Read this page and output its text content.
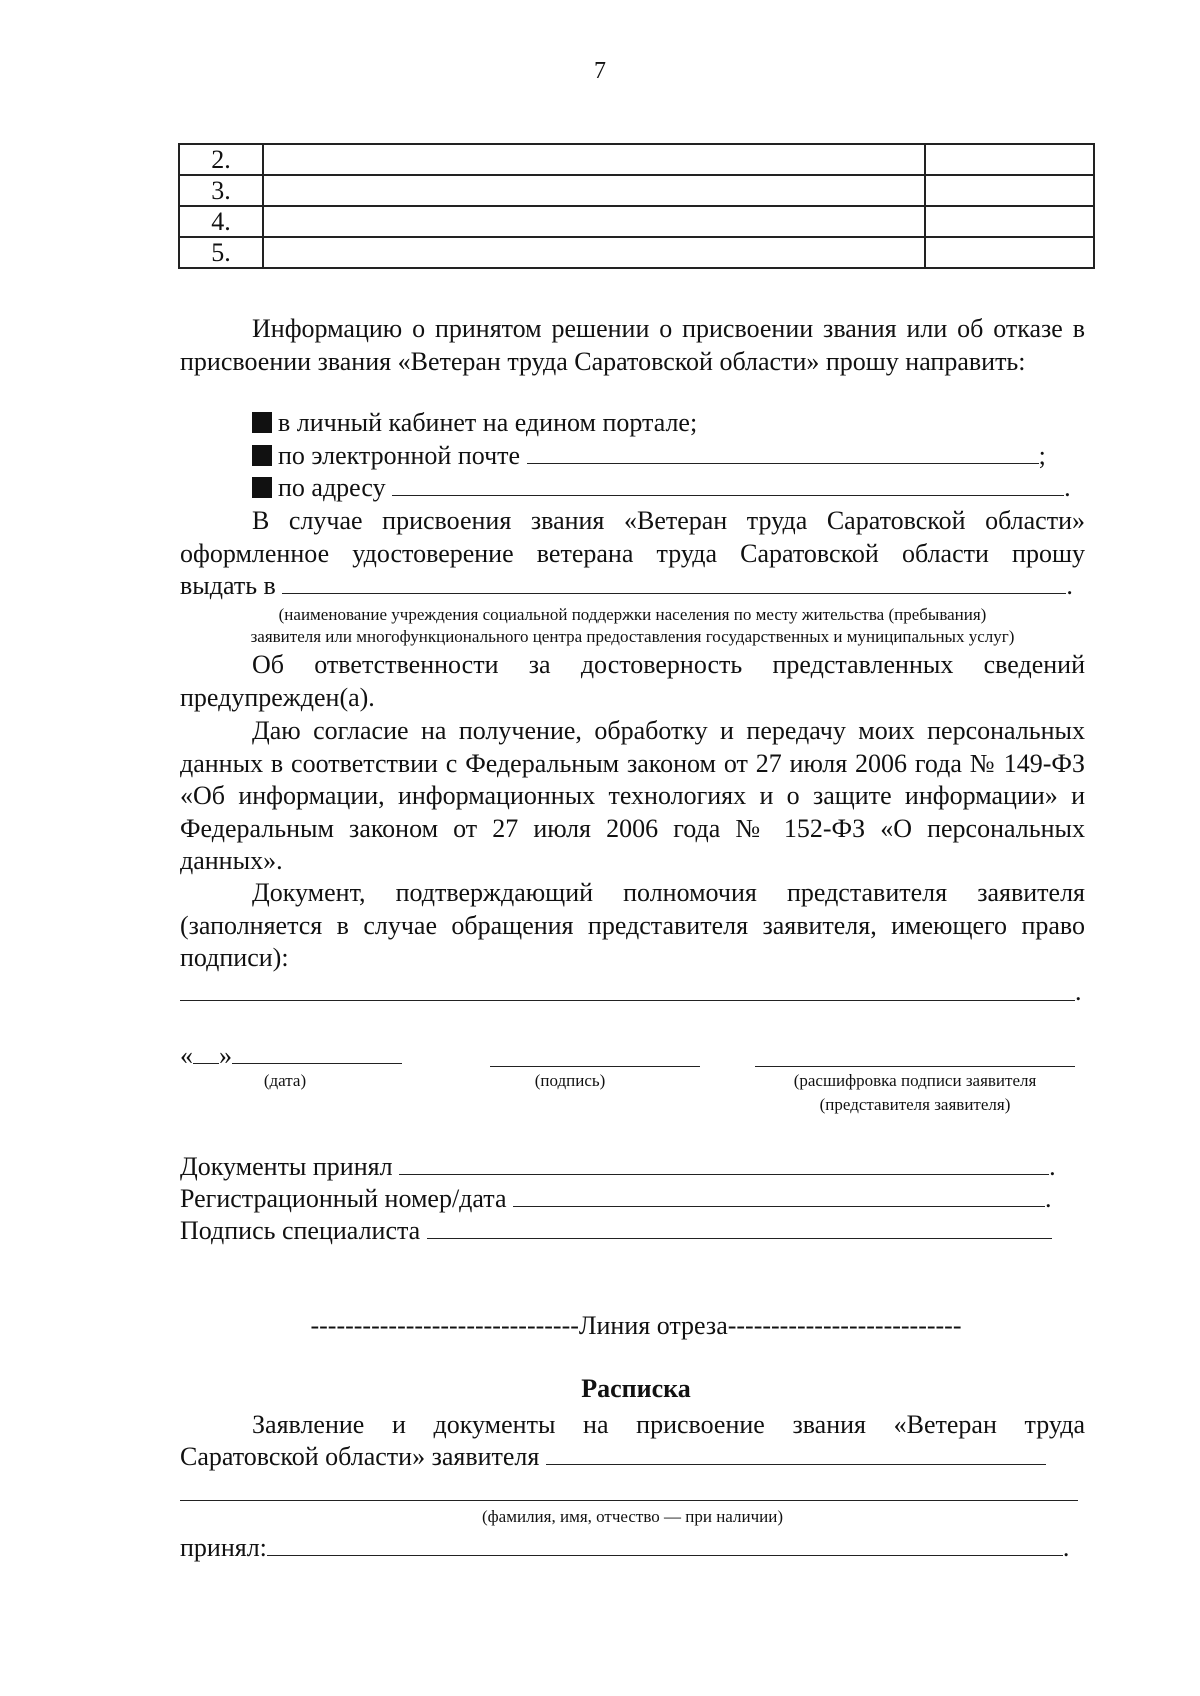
7
2.		
3.		
4.		
5.		
Информацию о принятом решении о присвоении звания или об отказе в присвоении звания «Ветеран труда Саратовской области» прошу направить:
в личный кабинет на едином портале;
по электронной почте	;
по адресу	.
В случае присвоения звания «Ветеран труда Саратовской области» оформленное удостоверение ветерана труда Саратовской области прошу
выдать в	.
(наименование учреждения социальной поддержки населения по месту жительства (пребывания)
заявителя или многофункционального центра предоставления государственных и муниципальных услуг)
Об ответственности за достоверность представленных сведений предупрежден(а).
Даю согласие на получение, обработку и передачу моих персональных данных в соответствии с Федеральным законом от 27 июля 2006 года № 149-ФЗ «Об информации, информационных технологиях и о защите информации» и Федеральным законом от 27 июля 2006 года № 152-ФЗ «О персональных данных».
Документ, подтверждающий полномочия представителя заявителя (заполняется в случае обращения представителя заявителя, имеющего право подписи):
.
« »
(дата)	(подпись)	(расшифровка подписи заявителя
(представителя заявителя)
Документы принял	.
Регистрационный номер/дата	.
Подпись специалиста
-------------------------------Линия отреза---------------------------
Расписка
Заявление и документы на присвоение звания «Ветеран труда
Саратовской области» заявителя
(фамилия, имя, отчество — при наличии)
принял:	.
